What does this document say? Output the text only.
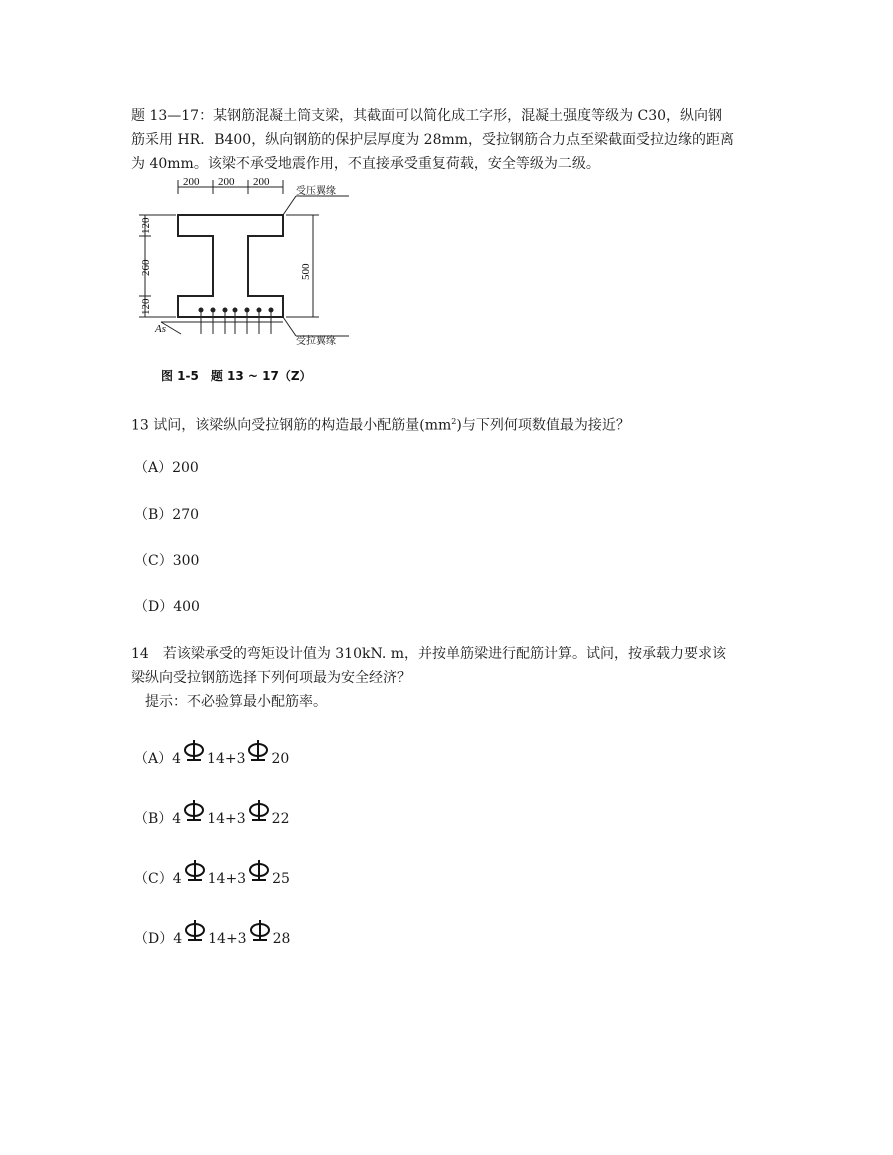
题 13—17：某钢筋混凝土筒支梁，其截面可以简化成工字形，混凝土强度等级为 C30，纵向钢

筋采用 HR．B400，纵向钢筋的保护层厚度为 28mm，受拉钢筋合力点至梁截面受拉边缘的距离

为 40mm。该梁不承受地震作用，不直接承受重复荷载，安全等级为二级。

200 200 200
120
260
120
500
受压翼缘
As
受拉翼缘
图 1-5　题 13 ~ 17（Z）
13 试问，该梁纵向受拉钢筋的构造最小配筋量$(mm^2)$与下列何项数值最为接近？
（A）200
（B）270
（C）300
（D）400

14　若该梁承受的弯矩设计值为 310kN. m，并按单筋梁进行配筋计算。试问，按承载力要求该

梁纵向受拉钢筋选择下列何项最为安全经济？

　提示：不必验算最小配筋率。

（A）4 14+3 20
（B）4 14+3 22
（C）4 14+3 25
（D）4 14+3 28
